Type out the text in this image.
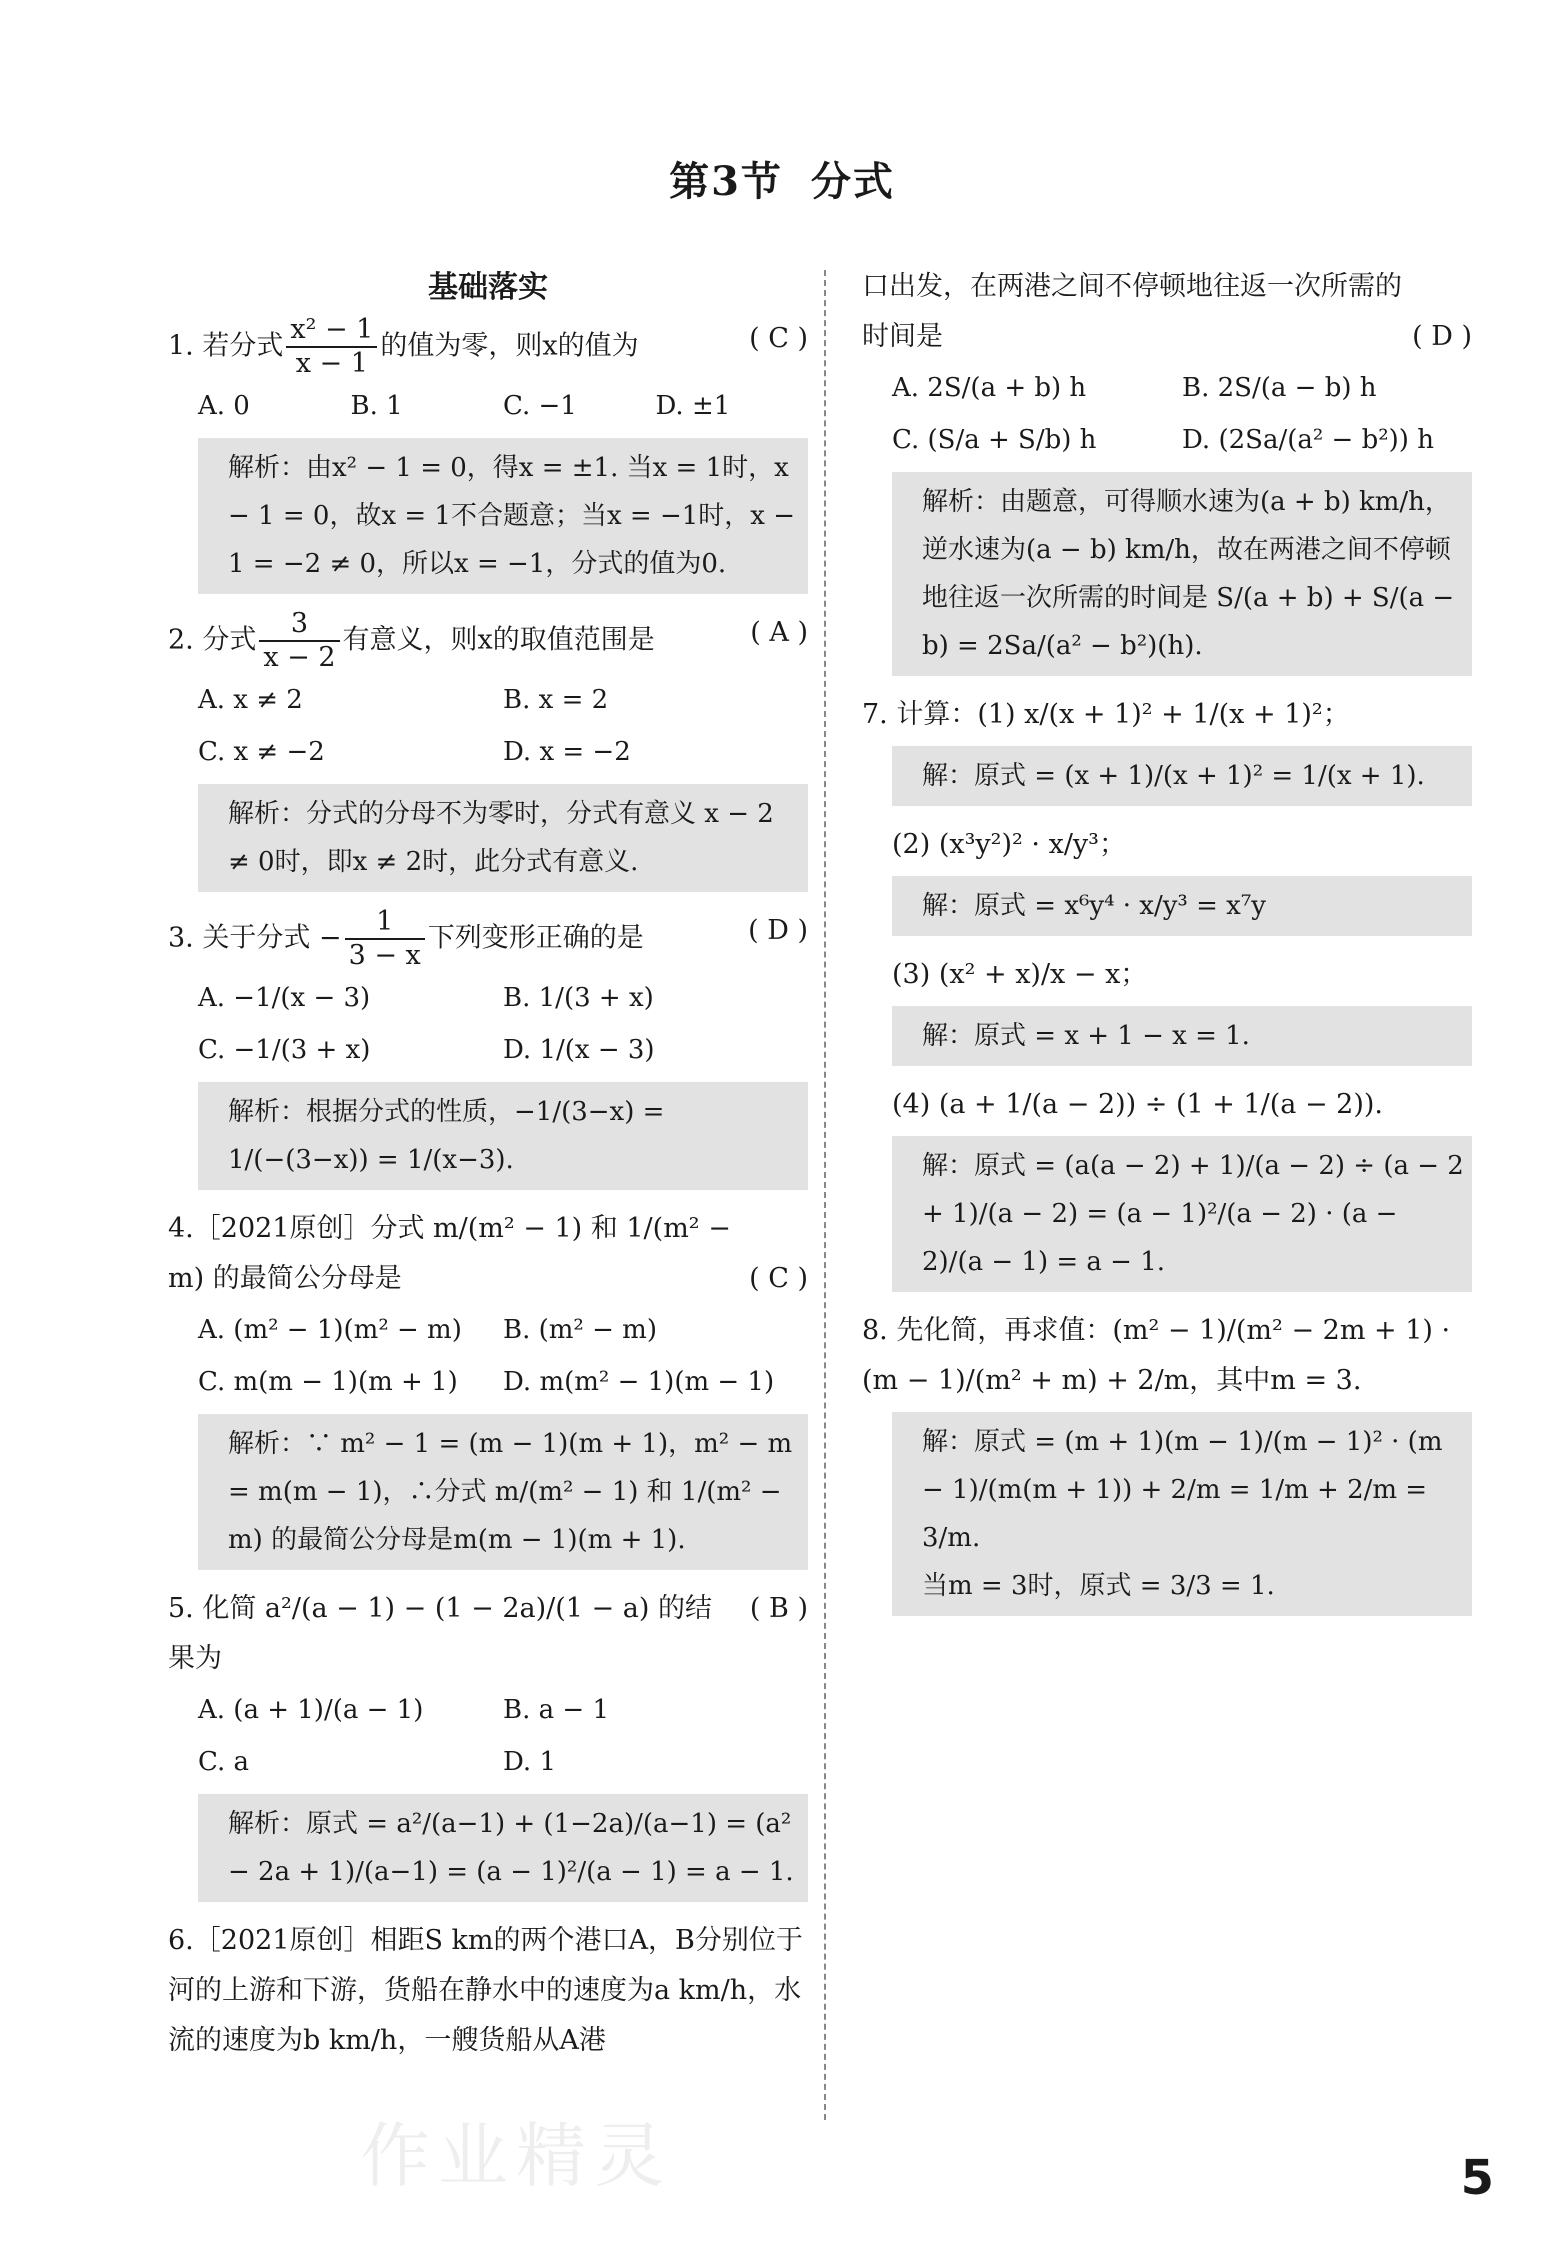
第3节 分式
基础落实
1. 若分式 $\frac{\text{x² − 1}}{x - 1}$ 的值为零，则x的值为	( C )
A. 0	B. 1	C. −1	D. ±1
解析：由x² − 1 = 0，得x = ±1. 当x = 1时，x − 1 = 0，故x = 1不合题意；当x = −1时，x − 1 = −2 ≠ 0，所以x = −1，分式的值为0.
2. 分式 $\frac{3}{x - 2}$ 有意义，则x的取值范围是	( A )
A. x ≠ 2	B. x = 2
C. x ≠ −2	D. x = −2
解析：分式的分母不为零时，分式有意义 x − 2 ≠ 0时，即x ≠ 2时，此分式有意义.
3. 关于分式 − $\frac{1}{3 - x}$ 下列变形正确的是	( D )
A. −1/(x − 3)	B. 1/(3 + x)
C. −1/(3 + x)	D. 1/(x − 3)
解析：根据分式的性质，−1/(3−x) = 1/(−(3−x)) = 1/(x−3).
4.［2021原创］分式 m/(m² − 1) 和 1/(m² − m) 的最简公分母是	( C )
A. (m² − 1)(m² − m)	B. (m² − m)
C. m(m − 1)(m + 1)	D. m(m² − 1)(m − 1)
解析：∵ m² − 1 = (m − 1)(m + 1)，m² − m = m(m − 1)，∴分式 m/(m² − 1) 和 1/(m² − m) 的最简公分母是m(m − 1)(m + 1).
5. 化简 a²/(a − 1) − (1 − 2a)/(1 − a) 的结果为
( B )
A. (a + 1)/(a − 1)	B. a − 1
C. a	D. 1
解析：原式 = a²/(a−1) + (1−2a)/(a−1) = (a² − 2a + 1)/(a−1) = (a − 1)²/(a − 1) = a − 1.
6.［2021原创］相距S km的两个港口A，B分别位于河的上游和下游，货船在静水中的速度为a km/h，水流的速度为b km/h，一艘货船从A港
口出发，在两港之间不停顿地往返一次所需的时间是	( D )
A. 2S/(a + b) h	B. 2S/(a − b) h
C. (S/a + S/b) h	D. (2Sa/(a² − b²)) h
解析：由题意，可得顺水速为(a + b) km/h，逆水速为(a − b) km/h，故在两港之间不停顿地往返一次所需的时间是 S/(a + b) + S/(a − b) = 2Sa/(a² − b²)(h).
7. 计算：(1) x/(x + 1)² + 1/(x + 1)²；
解：原式 = (x + 1)/(x + 1)² = 1/(x + 1).
(2) (x³y²)² · x/y³；
解：原式 = x⁶y⁴ · x/y³ = x⁷y
(3) (x² + x)/x − x；
解：原式 = x + 1 − x = 1.
(4) (a + 1/(a − 2)) ÷ (1 + 1/(a − 2)).
解：原式 = (a(a − 2) + 1)/(a − 2) ÷ (a − 2 + 1)/(a − 2) = (a − 1)²/(a − 2) · (a − 2)/(a − 1) = a − 1.
8. 先化简，再求值：(m² − 1)/(m² − 2m + 1) · (m − 1)/(m² + m) + 2/m，其中m = 3.
解：原式 = (m + 1)(m − 1)/(m − 1)² · (m − 1)/(m(m + 1)) + 2/m = 1/m + 2/m = 3/m.
当m = 3时，原式 = 3/3 = 1.
作业精灵	5
